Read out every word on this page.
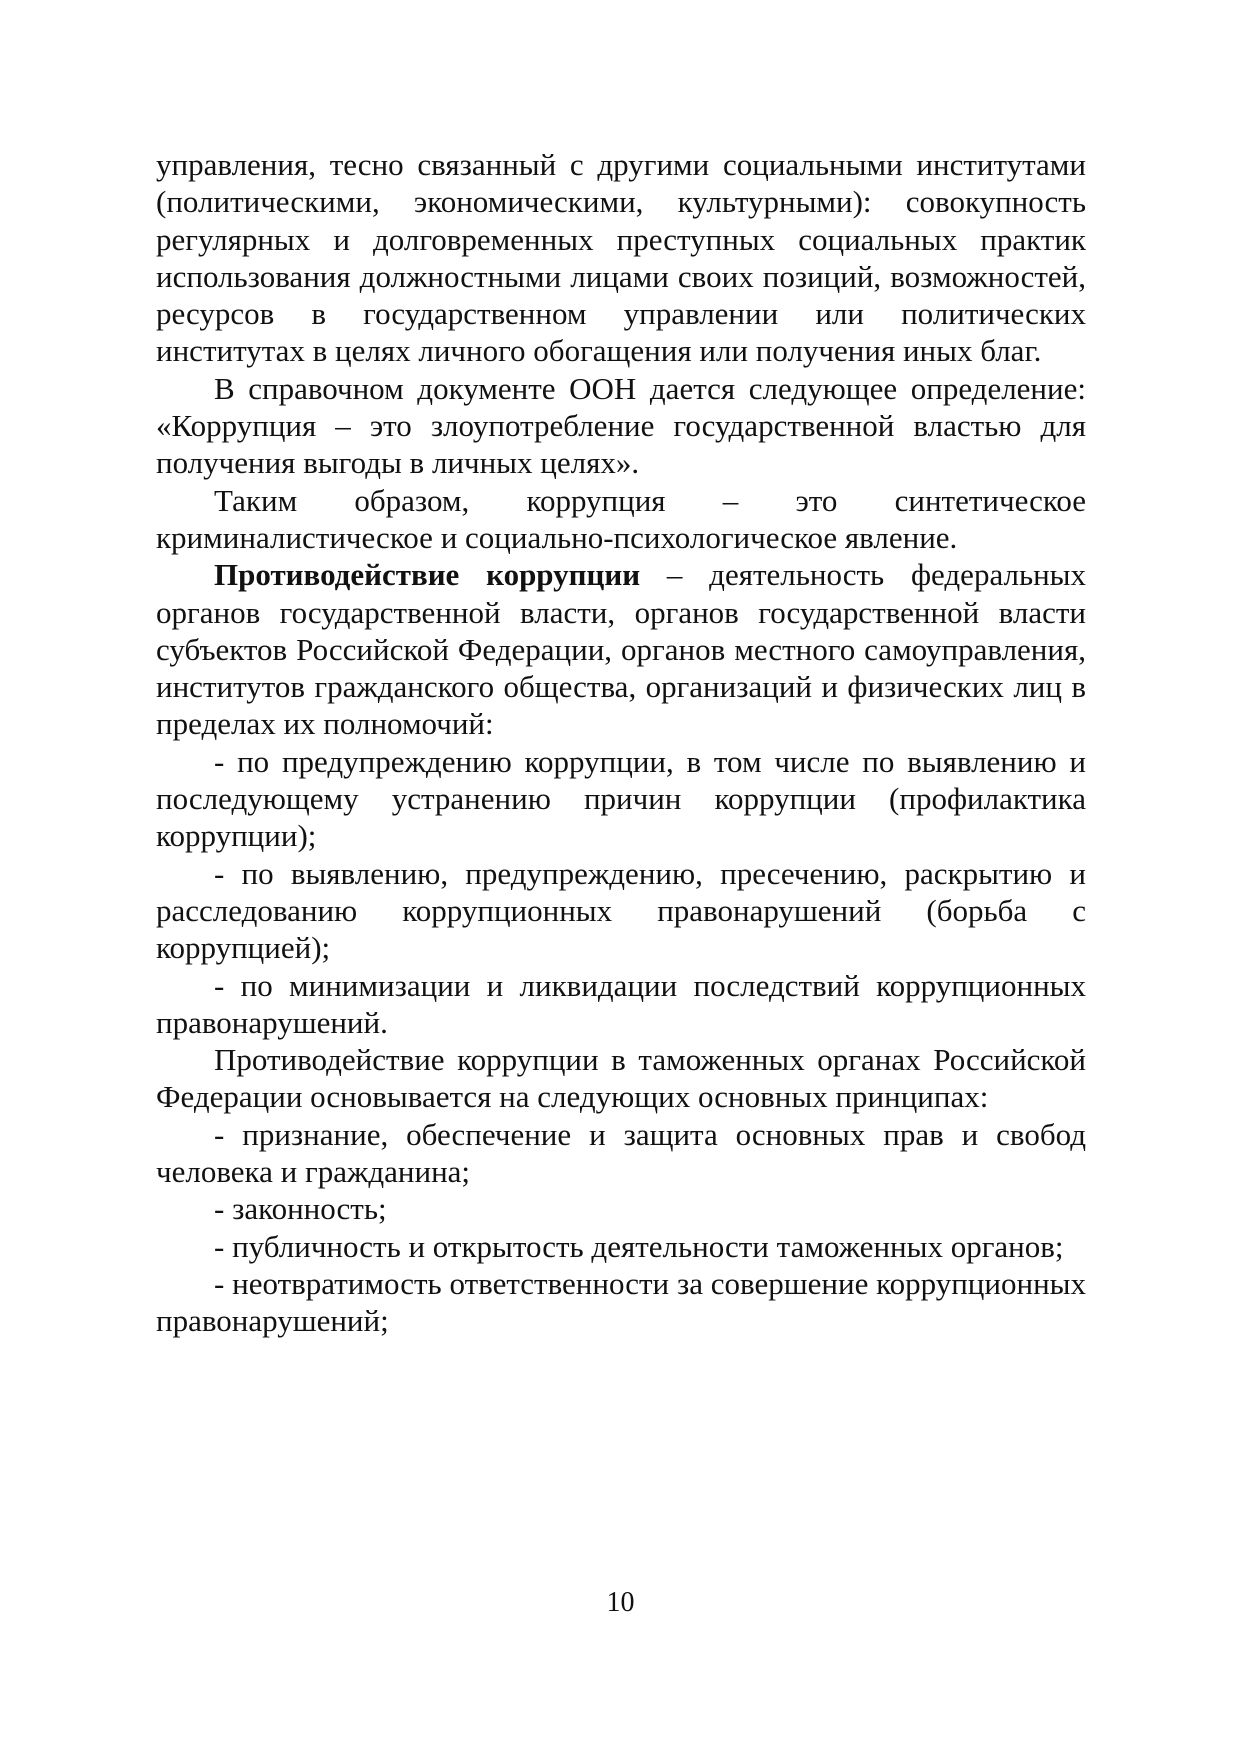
управления, тесно связанный с другими социальными институтами (политическими, экономическими, культурными): совокупность регулярных и долговременных преступных социальных практик использования должностными лицами своих позиций, возможностей, ресурсов в государственном управлении или политических институтах в целях личного обогащения или получения иных благ.

В справочном документе ООН дается следующее определение: «Коррупция – это злоупотребление государственной властью для получения выгоды в личных целях».

Таким образом, коррупция – это синтетическое криминалистическое и социально-психологическое явление.

Противодействие коррупции – деятельность федеральных органов государственной власти, органов государственной власти субъектов Российской Федерации, органов местного самоуправления, институтов гражданского общества, организаций и физических лиц в пределах их полномочий:

- по предупреждению коррупции, в том числе по выявлению и последующему устранению причин коррупции (профилактика коррупции);

- по выявлению, предупреждению, пресечению, раскрытию и расследованию коррупционных правонарушений (борьба с коррупцией);

- по минимизации и ликвидации последствий коррупционных правонарушений.

Противодействие коррупции в таможенных органах Российской Федерации основывается на следующих основных принципах:

- признание, обеспечение и защита основных прав и свобод человека и гражданина;

- законность;

- публичность и открытость деятельности таможенных органов;

- неотвратимость ответственности за совершение коррупционных правонарушений;

10
